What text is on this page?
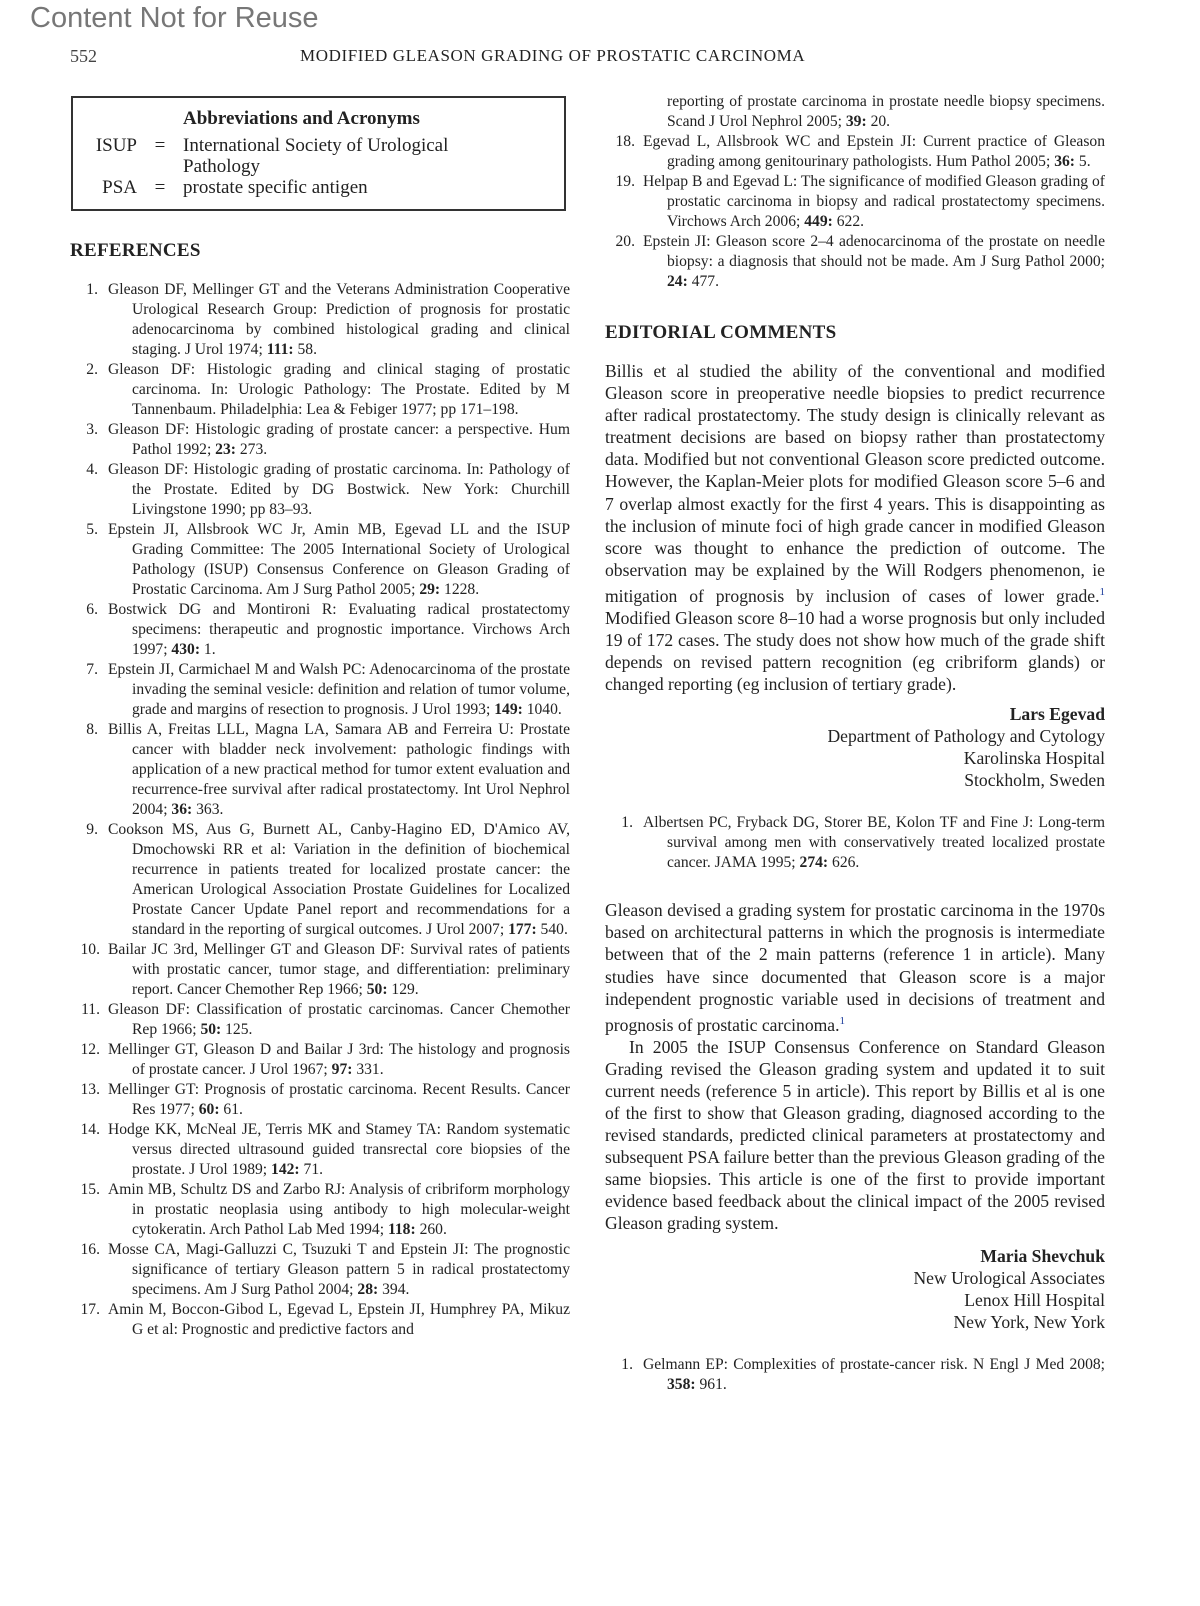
Content Not for Reuse
552	MODIFIED GLEASON GRADING OF PROSTATIC CARCINOMA
Abbreviations and Acronyms
ISUP = International Society of Urological Pathology
PSA = prostate specific antigen
REFERENCES
1. Gleason DF, Mellinger GT and the Veterans Administration Cooperative Urological Research Group: Prediction of prognosis for prostatic adenocarcinoma by combined histological grading and clinical staging. J Urol 1974; 111: 58.
2. Gleason DF: Histologic grading and clinical staging of prostatic carcinoma. In: Urologic Pathology: The Prostate. Edited by M Tannenbaum. Philadelphia: Lea & Febiger 1977; pp 171–198.
3. Gleason DF: Histologic grading of prostate cancer: a perspective. Hum Pathol 1992; 23: 273.
4. Gleason DF: Histologic grading of prostatic carcinoma. In: Pathology of the Prostate. Edited by DG Bostwick. New York: Churchill Livingstone 1990; pp 83–93.
5. Epstein JI, Allsbrook WC Jr, Amin MB, Egevad LL and the ISUP Grading Committee: The 2005 International Society of Urological Pathology (ISUP) Consensus Conference on Gleason Grading of Prostatic Carcinoma. Am J Surg Pathol 2005; 29: 1228.
6. Bostwick DG and Montironi R: Evaluating radical prostatectomy specimens: therapeutic and prognostic importance. Virchows Arch 1997; 430: 1.
7. Epstein JI, Carmichael M and Walsh PC: Adenocarcinoma of the prostate invading the seminal vesicle: definition and relation of tumor volume, grade and margins of resection to prognosis. J Urol 1993; 149: 1040.
8. Billis A, Freitas LLL, Magna LA, Samara AB and Ferreira U: Prostate cancer with bladder neck involvement: pathologic findings with application of a new practical method for tumor extent evaluation and recurrence-free survival after radical prostatectomy. Int Urol Nephrol 2004; 36: 363.
9. Cookson MS, Aus G, Burnett AL, Canby-Hagino ED, D'Amico AV, Dmochowski RR et al: Variation in the definition of biochemical recurrence in patients treated for localized prostate cancer: the American Urological Association Prostate Guidelines for Localized Prostate Cancer Update Panel report and recommendations for a standard in the reporting of surgical outcomes. J Urol 2007; 177: 540.
10. Bailar JC 3rd, Mellinger GT and Gleason DF: Survival rates of patients with prostatic cancer, tumor stage, and differentiation: preliminary report. Cancer Chemother Rep 1966; 50: 129.
11. Gleason DF: Classification of prostatic carcinomas. Cancer Chemother Rep 1966; 50: 125.
12. Mellinger GT, Gleason D and Bailar J 3rd: The histology and prognosis of prostate cancer. J Urol 1967; 97: 331.
13. Mellinger GT: Prognosis of prostatic carcinoma. Recent Results. Cancer Res 1977; 60: 61.
14. Hodge KK, McNeal JE, Terris MK and Stamey TA: Random systematic versus directed ultrasound guided transrectal core biopsies of the prostate. J Urol 1989; 142: 71.
15. Amin MB, Schultz DS and Zarbo RJ: Analysis of cribriform morphology in prostatic neoplasia using antibody to high molecular-weight cytokeratin. Arch Pathol Lab Med 1994; 118: 260.
16. Mosse CA, Magi-Galluzzi C, Tsuzuki T and Epstein JI: The prognostic significance of tertiary Gleason pattern 5 in radical prostatectomy specimens. Am J Surg Pathol 2004; 28: 394.
17. Amin M, Boccon-Gibod L, Egevad L, Epstein JI, Humphrey PA, Mikuz G et al: Prognostic and predictive factors and

reporting of prostate carcinoma in prostate needle biopsy specimens. Scand J Urol Nephrol 2005; 39: 20.

18. Egevad L, Allsbrook WC and Epstein JI: Current practice of Gleason grading among genitourinary pathologists. Hum Pathol 2005; 36: 5.
19. Helpap B and Egevad L: The significance of modified Gleason grading of prostatic carcinoma in biopsy and radical prostatectomy specimens. Virchows Arch 2006; 449: 622.
20. Epstein JI: Gleason score 2–4 adenocarcinoma of the prostate on needle biopsy: a diagnosis that should not be made. Am J Surg Pathol 2000; 24: 477.
EDITORIAL COMMENTS

Billis et al studied the ability of the conventional and modified Gleason score in preoperative needle biopsies to predict recurrence after radical prostatectomy. The study design is clinically relevant as treatment decisions are based on biopsy rather than prostatectomy data. Modified but not conventional Gleason score predicted outcome. However, the Kaplan-Meier plots for modified Gleason score 5–6 and 7 overlap almost exactly for the first 4 years. This is disappointing as the inclusion of minute foci of high grade cancer in modified Gleason score was thought to enhance the prediction of outcome. The observation may be explained by the Will Rodgers phenomenon, ie mitigation of prognosis by inclusion of cases of lower grade.$^1$ Modified Gleason score 8–10 had a worse prognosis but only included 19 of 172 cases. The study does not show how much of the grade shift depends on revised pattern recognition (eg cribriform glands) or changed reporting (eg inclusion of tertiary grade).

Lars Egevad
Department of Pathology and Cytology
Karolinska Hospital
Stockholm, Sweden
1. Albertsen PC, Fryback DG, Storer BE, Kolon TF and Fine J: Long-term survival among men with conservatively treated localized prostate cancer. JAMA 1995; 274: 626.

Gleason devised a grading system for prostatic carcinoma in the 1970s based on architectural patterns in which the prognosis is intermediate between that of the 2 main patterns (reference 1 in article). Many studies have since documented that Gleason score is a major independent prognostic variable used in decisions of treatment and prognosis of prostatic carcinoma.$^1$

In 2005 the ISUP Consensus Conference on Standard Gleason Grading revised the Gleason grading system and updated it to suit current needs (reference 5 in article). This report by Billis et al is one of the first to show that Gleason grading, diagnosed according to the revised standards, predicted clinical parameters at prostatectomy and subsequent PSA failure better than the previous Gleason grading of the same biopsies. This article is one of the first to provide important evidence based feedback about the clinical impact of the 2005 revised Gleason grading system.

Maria Shevchuk
New Urological Associates
Lenox Hill Hospital
New York, New York
1. Gelmann EP: Complexities of prostate-cancer risk. N Engl J Med 2008; 358: 961.
